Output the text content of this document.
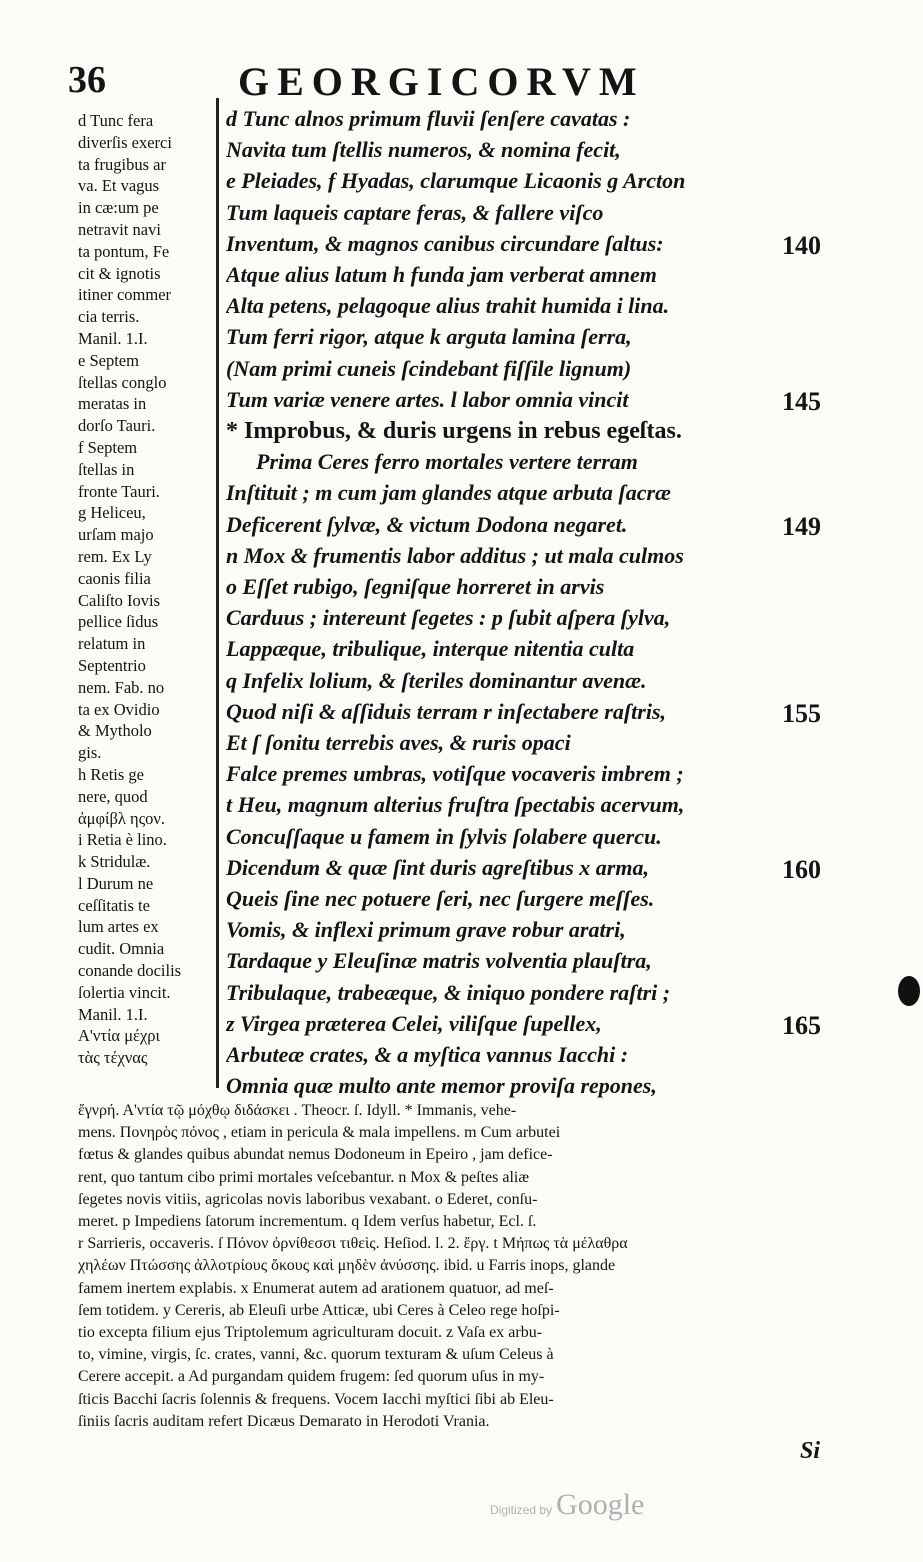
36	GEORGICORVM
d Tunc fera
diverſis exerci
ta frugibus ar
va. Et vagus
in cæ:um pe
netravit navi
ta pontum, Fe
cit & ignotis
itiner commer
cia terris.
Manil. 1.I.
e Septem
ſtellas conglo
meratas in
dorſo Tauri.
f Septem
ſtellas in
fronte Tauri.
g Heliceu,
urſam majo
rem. Ex Ly
caonis filia
Caliſto Iovis
pellice ſidus
relatum in
Septentrio
nem. Fab. no
ta ex Ovidio
& Mytholo
gis.
h Retis ge
nere, quod
ἀμφίβλ ηςον.
i Retia è lino.
k Stridulæ.
l Durum ne
ceſſitatis te
lum artes ex
cudit. Omnia
conande docilis
ſolertia vincit.
Manil. 1.I.
Α'ντία μέχρι
τὰς τέχνας
d Tunc alnos primum fluvii ſenſere cavatas :
Navita tum ſtellis numeros, & nomina fecit,
e Pleiades, f Hyadas, clarumque Licaonis g Arcton
Tum laqueis captare feras, & fallere viſco
Inventum, & magnos canibus circundare ſaltus:	140
Atque alius latum h funda jam verberat amnem
Alta petens, pelagoque alius trahit humida i lina.
Tum ferri rigor, atque k arguta lamina ſerra,
(Nam primi cuneis ſcindebant fiſſile lignum)
Tum variæ venere artes. l labor omnia vincit	145
* Improbus, & duris urgens in rebus egeſtas.
Prima Ceres ferro mortales vertere terram
Inſtituit ; m cum jam glandes atque arbuta ſacræ
Deficerent ſylvæ, & victum Dodona negaret.	149
n Mox & frumentis labor additus ; ut mala culmos
o Eſſet rubigo, ſegniſque horreret in arvis
Carduus ; intereunt ſegetes : p ſubit aſpera ſylva,
Lappæque, tribulique, interque nitentia culta
q Infelix lolium, & ſteriles dominantur avenæ.
Quod niſi & aſſiduis terram r inſectabere raſtris,	155
Et ſ ſonitu terrebis aves, & ruris opaci
Falce premes umbras, votiſque vocaveris imbrem ;
t Heu, magnum alterius fruſtra ſpectabis acervum,
Concuſſaque u famem in ſylvis ſolabere quercu.
Dicendum & quæ ſint duris agreſtibus x arma,	160
Queis ſine nec potuere ſeri, nec ſurgere meſſes.
Vomis, & inflexi primum grave robur aratri,
Tardaque y Eleuſinæ matris volventia plauſtra,
Tribulaque, trabeæque, & iniquo pondere raſtri ;
z Virgea præterea Celei, viliſque ſupellex,	165
Arbuteæ crates, & a myſtica vannus Iacchi :
Omnia quæ multo ante memor proviſa repones,
ἔγνρή. Α'ντία τῷ μόχθῳ διδάσκει . Theocr. ſ. Idyll. * Immanis, vehe-
mens. Πονηρὸς πόνος , etiam in pericula & mala impellens. m Cum arbutei
fœtus & glandes quibus abundat nemus Dodoneum in Epeiro , jam defice-
rent, quo tantum cibo primi mortales veſcebantur. n Mox & peſtes aliæ
ſegetes novis vitiis, agricolas novis laboribus vexabant. o Ederet, conſu-
meret. p Impediens ſatorum incrementum. q Idem verſus habetur, Ecl. ſ.
r Sarrieris, occaveris. ſ Πόνον ὀρνίθεσσι τιθεὶς. Heſiod. l. 2. ἔργ. t Μήπως τὰ μέλαθρα
χηλέων Πτώσσης ἀλλοτρίους ὄκους καὶ μηδὲν ἀνύσσης. ibid. u Farris inops, glande
famem inertem explabis. x Enumerat autem ad arationem quatuor, ad meſ-
ſem totidem. y Cereris, ab Eleuſi urbe Atticæ, ubi Ceres à Celeo rege hoſpi-
tio excepta filium ejus Triptolemum agriculturam docuit. z Vaſa ex arbu-
to, vimine, virgis, ſc. crates, vanni, &c. quorum texturam & uſum Celeus à
Cerere accepit. a Ad purgandam quidem frugem: ſed quorum uſus in my-
ſticis Bacchi ſacris ſolennis & frequens. Vocem Iacchi myſtici ſibi ab Eleu-
ſiniis ſacris auditam refert Dicæus Demarato in Herodoti Vrania.
Si
Digitized by Google
